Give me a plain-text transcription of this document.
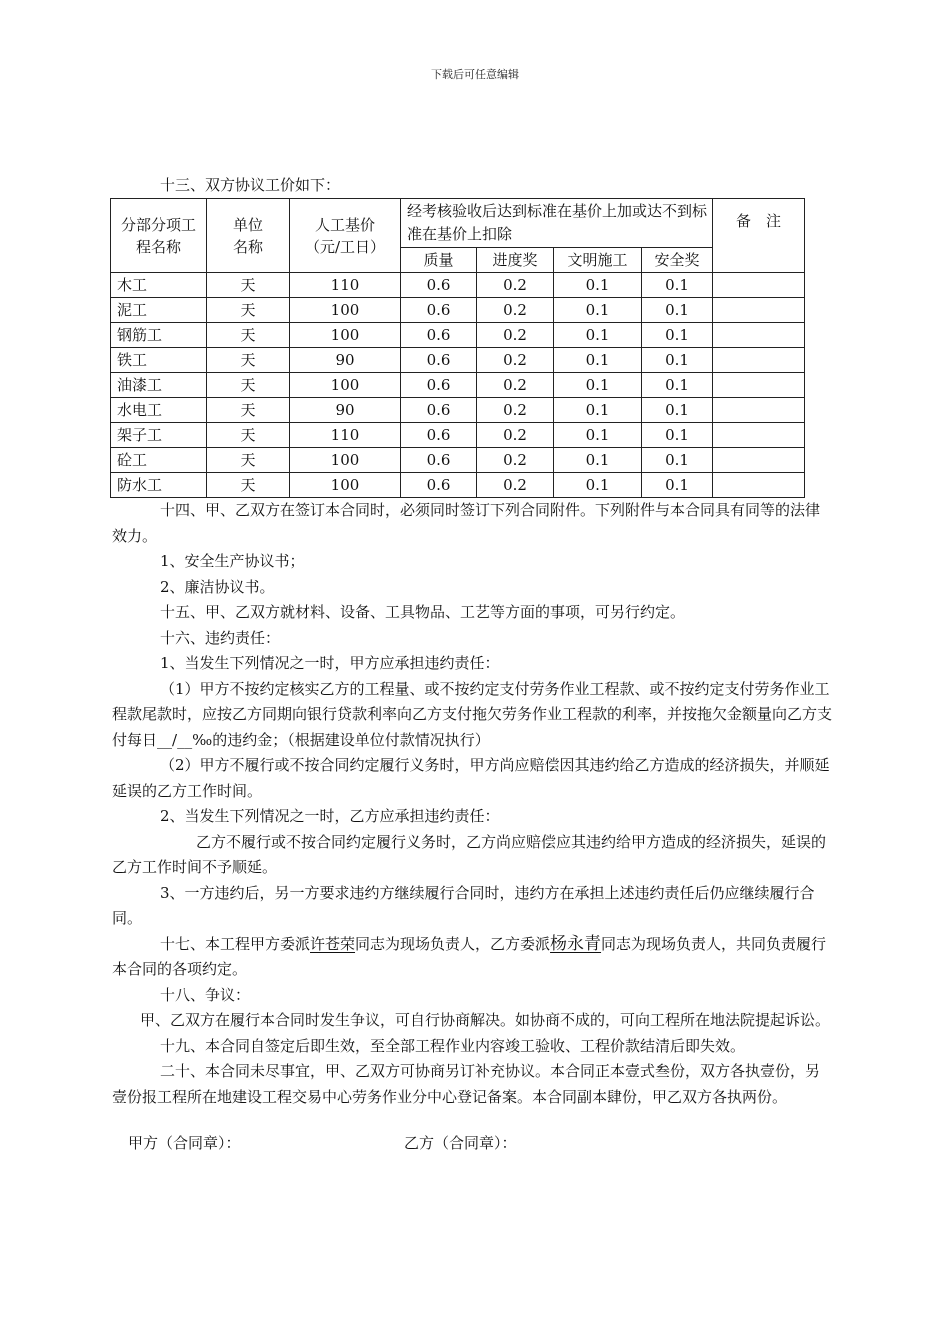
下载后可任意编辑
十三、双方协议工价如下：
分部分项工程名称	单位名称	人工基价（元/工日）	经考核验收后达到标准在基价上加或达不到标准在基价上扣除				备　注
			质量	进度奖	文明施工	安全奖	
木工	天	110	0.6	0.2	0.1	0.1	
泥工	天	100	0.6	0.2	0.1	0.1	
钢筋工	天	100	0.6	0.2	0.1	0.1	
铁工	天	90	0.6	0.2	0.1	0.1	
油漆工	天	100	0.6	0.2	0.1	0.1	
水电工	天	90	0.6	0.2	0.1	0.1	
架子工	天	110	0.6	0.2	0.1	0.1	
砼工	天	100	0.6	0.2	0.1	0.1	
防水工	天	100	0.6	0.2	0.1	0.1	

十四、甲、乙双方在签订本合同时，必须同时签订下列合同附件。下列附件与本合同具有同等的法律效力。

1、安全生产协议书；

2、廉洁协议书。

十五、甲、乙双方就材料、设备、工具物品、工艺等方面的事项，可另行约定。

十六、违约责任：

1、当发生下列情况之一时，甲方应承担违约责任：

（1）甲方不按约定核实乙方的工程量、或不按约定支付劳务作业工程款、或不按约定支付劳务作业工程款尾款时，应按乙方同期向银行贷款利率向乙方支付拖欠劳务作业工程款的利率，并按拖欠金额量向乙方支付每日__/__‰的违约金；（根据建设单位付款情况执行）

（2）甲方不履行或不按合同约定履行义务时，甲方尚应赔偿因其违约给乙方造成的经济损失，并顺延延误的乙方工作时间。

2、当发生下列情况之一时，乙方应承担违约责任：

乙方不履行或不按合同约定履行义务时，乙方尚应赔偿应其违约给甲方造成的经济损失，延误的乙方工作时间不予顺延。

3、一方违约后，另一方要求违约方继续履行合同时，违约方在承担上述违约责任后仍应继续履行合同。

十七、本工程甲方委派许苍荣同志为现场负责人，乙方委派杨永青同志为现场负责人，共同负责履行本合同的各项约定。

十八、争议：

甲、乙双方在履行本合同时发生争议，可自行协商解决。如协商不成的，可向工程所在地法院提起诉讼。

十九、本合同自签定后即生效，至全部工程作业内容竣工验收、工程价款结清后即失效。

二十、本合同未尽事宜，甲、乙双方可协商另订补充协议。本合同正本壹式叁份，双方各执壹份，另壹份报工程所在地建设工程交易中心劳务作业分中心登记备案。本合同副本肆份，甲乙双方各执两份。

甲方（合同章）：	乙方（合同章）：
